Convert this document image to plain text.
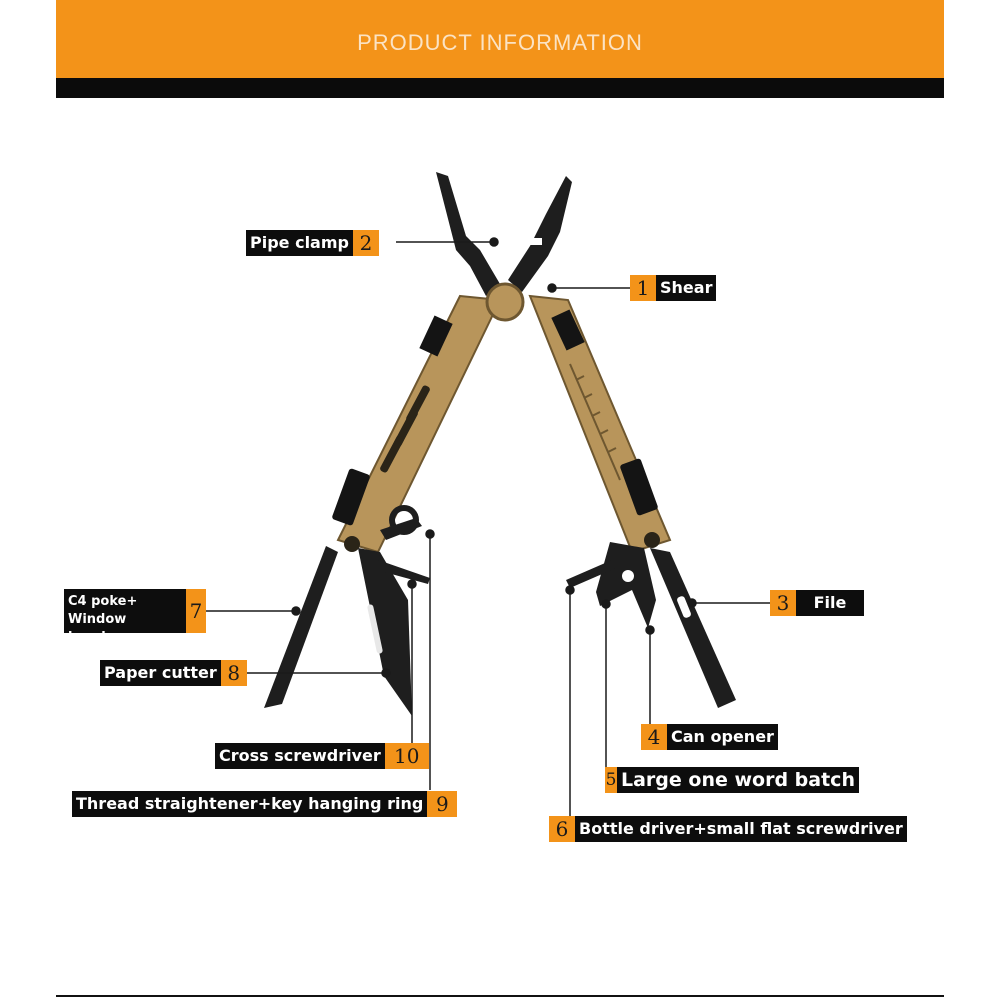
PRODUCT INFORMATION
1 Shear
Pipe clamp 2
3	File
4 Can opener
5 Large one word batch
6 Bottle driver+small flat screwdriver
C4 poke+
Window breaker
7
Paper cutter 8
Cross screwdriver 10
Thread straightener+key hanging ring 9
